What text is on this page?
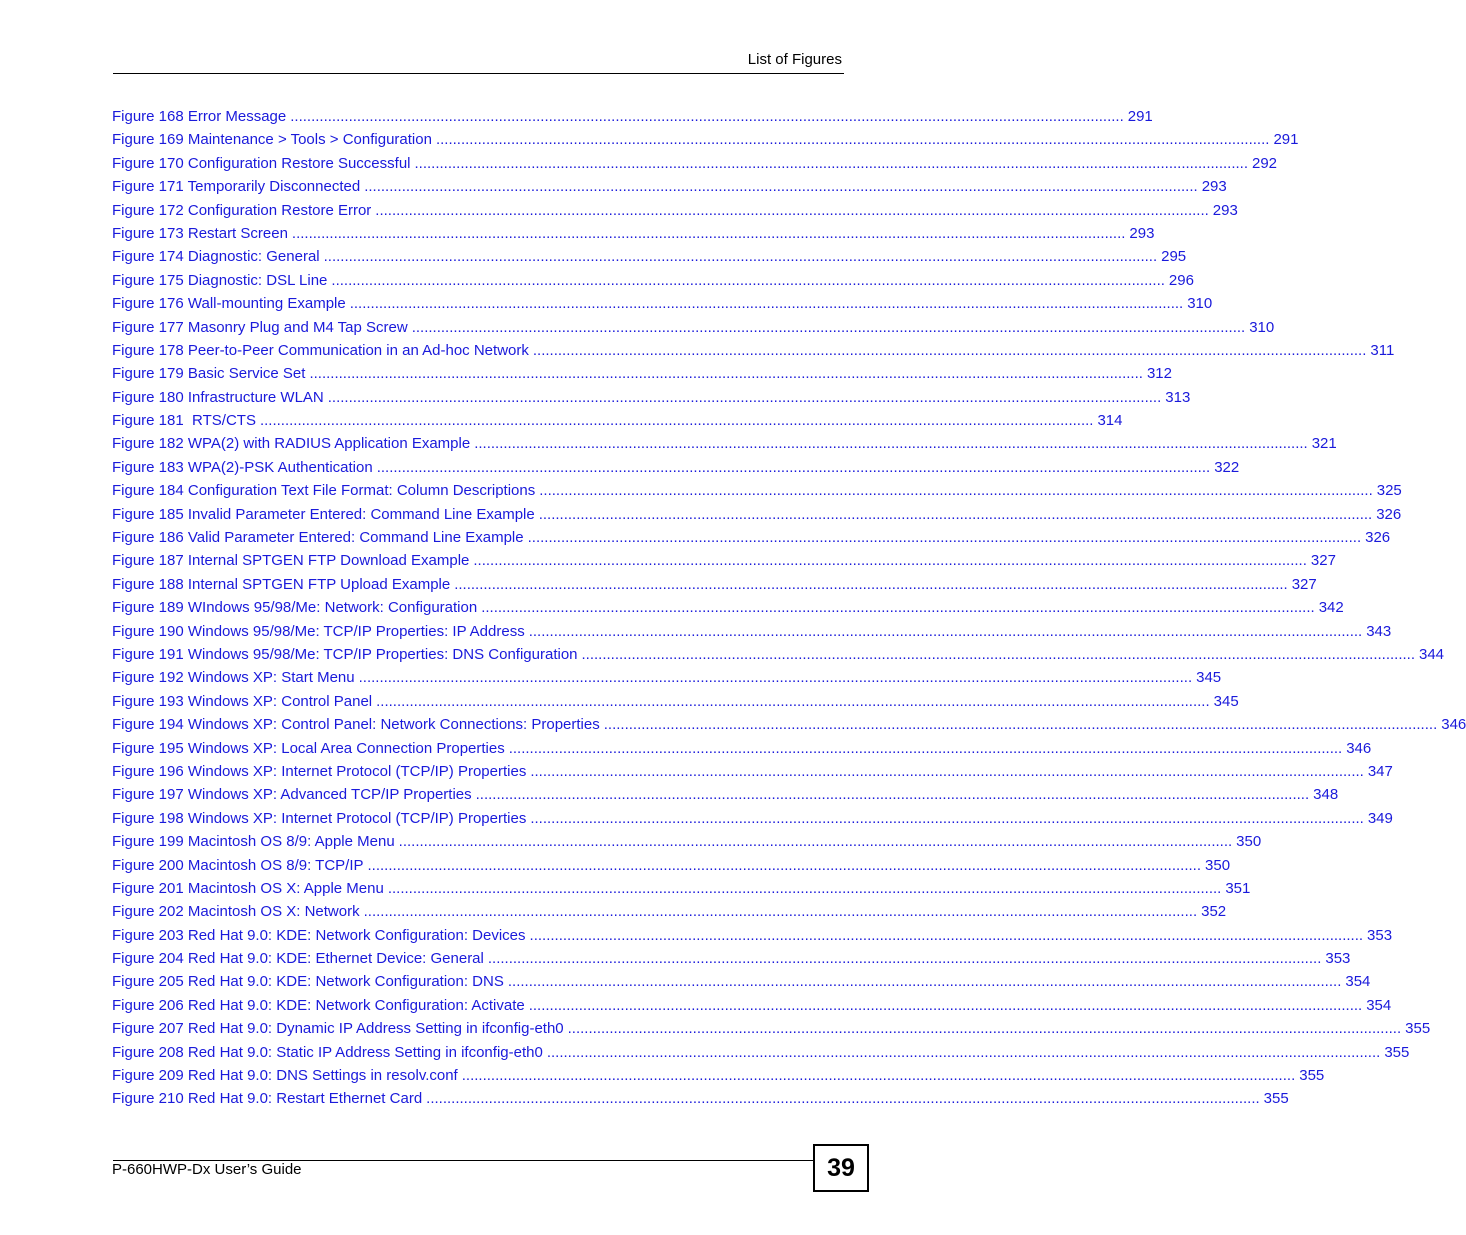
List of Figures
Figure 168 Error Message ........................................................................................................................................................................................................ 291
Figure 169 Maintenance > Tools > Configuration ........................................................................................................................................................................................................ 291
Figure 170 Configuration Restore Successful ........................................................................................................................................................................................................ 292
Figure 171 Temporarily Disconnected ........................................................................................................................................................................................................ 293
Figure 172 Configuration Restore Error ........................................................................................................................................................................................................ 293
Figure 173 Restart Screen ........................................................................................................................................................................................................ 293
Figure 174 Diagnostic: General ........................................................................................................................................................................................................ 295
Figure 175 Diagnostic: DSL Line ........................................................................................................................................................................................................ 296
Figure 176 Wall-mounting Example ........................................................................................................................................................................................................ 310
Figure 177 Masonry Plug and M4 Tap Screw ........................................................................................................................................................................................................ 310
Figure 178 Peer-to-Peer Communication in an Ad-hoc Network ........................................................................................................................................................................................................ 311
Figure 179 Basic Service Set ........................................................................................................................................................................................................ 312
Figure 180 Infrastructure WLAN ........................................................................................................................................................................................................ 313
Figure 181  RTS/CTS ........................................................................................................................................................................................................ 314
Figure 182 WPA(2) with RADIUS Application Example ........................................................................................................................................................................................................ 321
Figure 183 WPA(2)-PSK Authentication ........................................................................................................................................................................................................ 322
Figure 184 Configuration Text File Format: Column Descriptions ........................................................................................................................................................................................................ 325
Figure 185 Invalid Parameter Entered: Command Line Example ........................................................................................................................................................................................................ 326
Figure 186 Valid Parameter Entered: Command Line Example ........................................................................................................................................................................................................ 326
Figure 187 Internal SPTGEN FTP Download Example ........................................................................................................................................................................................................ 327
Figure 188 Internal SPTGEN FTP Upload Example ........................................................................................................................................................................................................ 327
Figure 189 WIndows 95/98/Me: Network: Configuration ........................................................................................................................................................................................................ 342
Figure 190 Windows 95/98/Me: TCP/IP Properties: IP Address ........................................................................................................................................................................................................ 343
Figure 191 Windows 95/98/Me: TCP/IP Properties: DNS Configuration ........................................................................................................................................................................................................ 344
Figure 192 Windows XP: Start Menu ........................................................................................................................................................................................................ 345
Figure 193 Windows XP: Control Panel ........................................................................................................................................................................................................ 345
Figure 194 Windows XP: Control Panel: Network Connections: Properties ........................................................................................................................................................................................................ 346
Figure 195 Windows XP: Local Area Connection Properties ........................................................................................................................................................................................................ 346
Figure 196 Windows XP: Internet Protocol (TCP/IP) Properties ........................................................................................................................................................................................................ 347
Figure 197 Windows XP: Advanced TCP/IP Properties ........................................................................................................................................................................................................ 348
Figure 198 Windows XP: Internet Protocol (TCP/IP) Properties ........................................................................................................................................................................................................ 349
Figure 199 Macintosh OS 8/9: Apple Menu ........................................................................................................................................................................................................ 350
Figure 200 Macintosh OS 8/9: TCP/IP ........................................................................................................................................................................................................ 350
Figure 201 Macintosh OS X: Apple Menu ........................................................................................................................................................................................................ 351
Figure 202 Macintosh OS X: Network ........................................................................................................................................................................................................ 352
Figure 203 Red Hat 9.0: KDE: Network Configuration: Devices ........................................................................................................................................................................................................ 353
Figure 204 Red Hat 9.0: KDE: Ethernet Device: General ........................................................................................................................................................................................................ 353
Figure 205 Red Hat 9.0: KDE: Network Configuration: DNS ........................................................................................................................................................................................................ 354
Figure 206 Red Hat 9.0: KDE: Network Configuration: Activate ........................................................................................................................................................................................................ 354
Figure 207 Red Hat 9.0: Dynamic IP Address Setting in ifconfig-eth0 ........................................................................................................................................................................................................ 355
Figure 208 Red Hat 9.0: Static IP Address Setting in ifconfig-eth0 ........................................................................................................................................................................................................ 355
Figure 209 Red Hat 9.0: DNS Settings in resolv.conf ........................................................................................................................................................................................................ 355
Figure 210 Red Hat 9.0: Restart Ethernet Card ........................................................................................................................................................................................................ 355
P-660HWP-Dx User’s Guide	39
